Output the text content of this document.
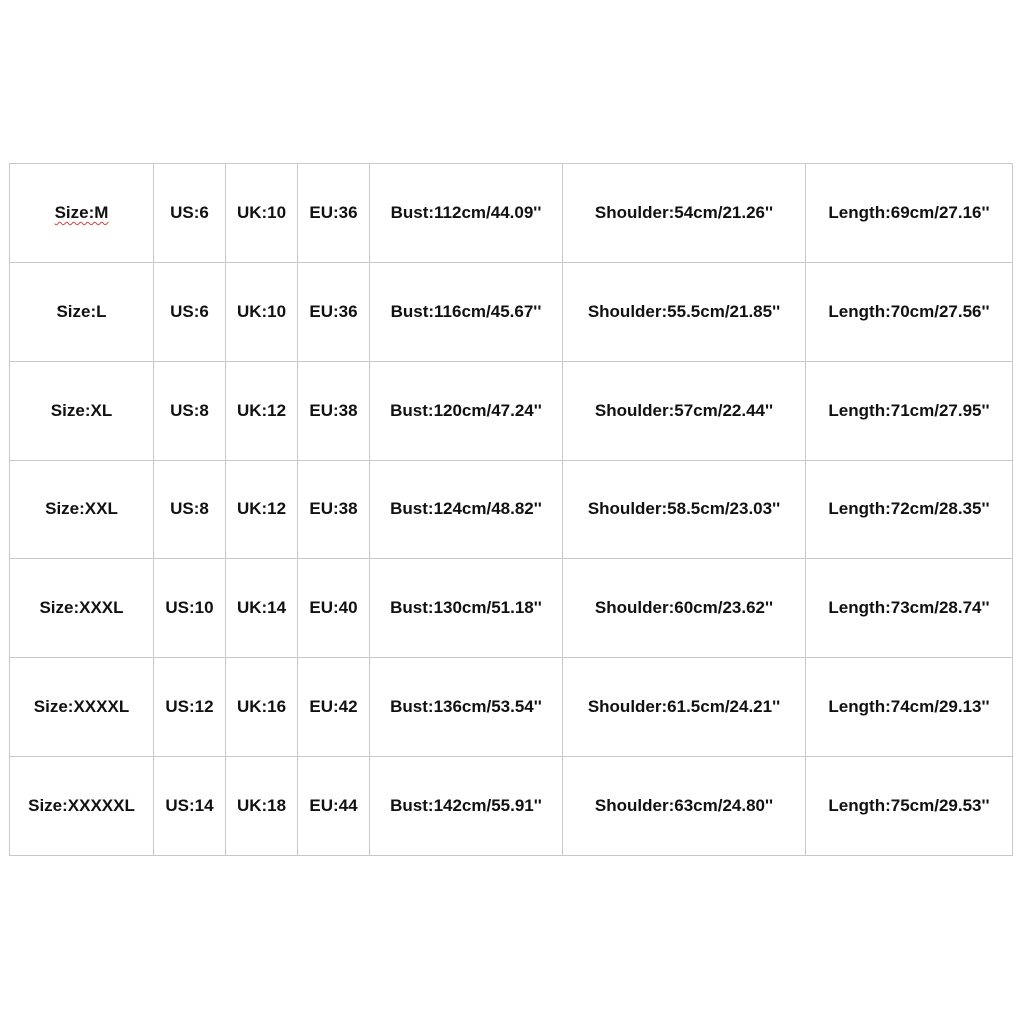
Size:M	US:6	UK:10	EU:36	Bust:112cm/44.09''	Shoulder:54cm/21.26''	Length:69cm/27.16''
Size:L	US:6	UK:10	EU:36	Bust:116cm/45.67''	Shoulder:55.5cm/21.85''	Length:70cm/27.56''
Size:XL	US:8	UK:12	EU:38	Bust:120cm/47.24''	Shoulder:57cm/22.44''	Length:71cm/27.95''
Size:XXL	US:8	UK:12	EU:38	Bust:124cm/48.82''	Shoulder:58.5cm/23.03''	Length:72cm/28.35''
Size:XXXL	US:10	UK:14	EU:40	Bust:130cm/51.18''	Shoulder:60cm/23.62''	Length:73cm/28.74''
Size:XXXXL	US:12	UK:16	EU:42	Bust:136cm/53.54''	Shoulder:61.5cm/24.21''	Length:74cm/29.13''
Size:XXXXXL	US:14	UK:18	EU:44	Bust:142cm/55.91''	Shoulder:63cm/24.80''	Length:75cm/29.53''
